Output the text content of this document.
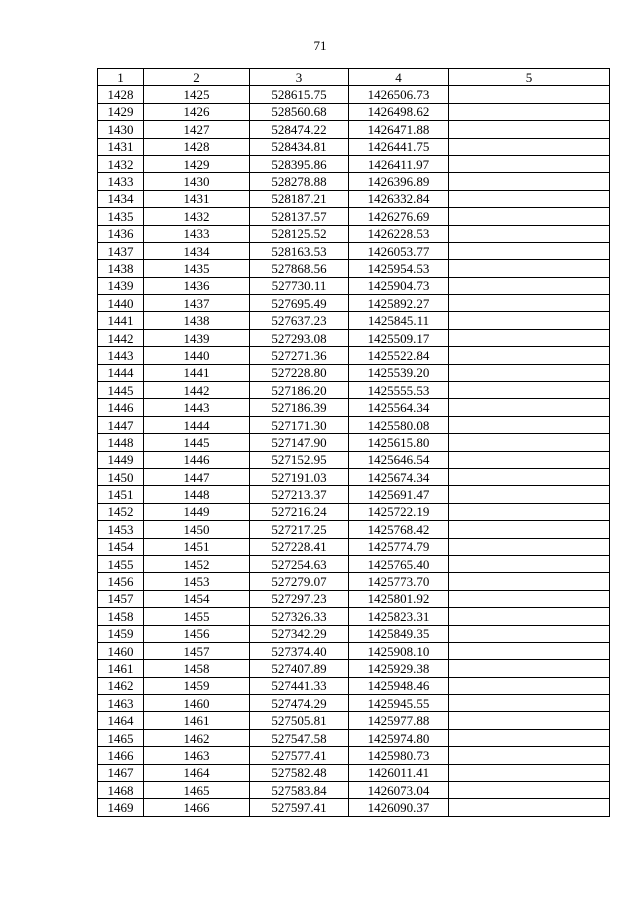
71
1	2	3	4	5
1428	1425	528615.75	1426506.73	
1429	1426	528560.68	1426498.62	
1430	1427	528474.22	1426471.88	
1431	1428	528434.81	1426441.75	
1432	1429	528395.86	1426411.97	
1433	1430	528278.88	1426396.89	
1434	1431	528187.21	1426332.84	
1435	1432	528137.57	1426276.69	
1436	1433	528125.52	1426228.53	
1437	1434	528163.53	1426053.77	
1438	1435	527868.56	1425954.53	
1439	1436	527730.11	1425904.73	
1440	1437	527695.49	1425892.27	
1441	1438	527637.23	1425845.11	
1442	1439	527293.08	1425509.17	
1443	1440	527271.36	1425522.84	
1444	1441	527228.80	1425539.20	
1445	1442	527186.20	1425555.53	
1446	1443	527186.39	1425564.34	
1447	1444	527171.30	1425580.08	
1448	1445	527147.90	1425615.80	
1449	1446	527152.95	1425646.54	
1450	1447	527191.03	1425674.34	
1451	1448	527213.37	1425691.47	
1452	1449	527216.24	1425722.19	
1453	1450	527217.25	1425768.42	
1454	1451	527228.41	1425774.79	
1455	1452	527254.63	1425765.40	
1456	1453	527279.07	1425773.70	
1457	1454	527297.23	1425801.92	
1458	1455	527326.33	1425823.31	
1459	1456	527342.29	1425849.35	
1460	1457	527374.40	1425908.10	
1461	1458	527407.89	1425929.38	
1462	1459	527441.33	1425948.46	
1463	1460	527474.29	1425945.55	
1464	1461	527505.81	1425977.88	
1465	1462	527547.58	1425974.80	
1466	1463	527577.41	1425980.73	
1467	1464	527582.48	1426011.41	
1468	1465	527583.84	1426073.04	
1469	1466	527597.41	1426090.37	
